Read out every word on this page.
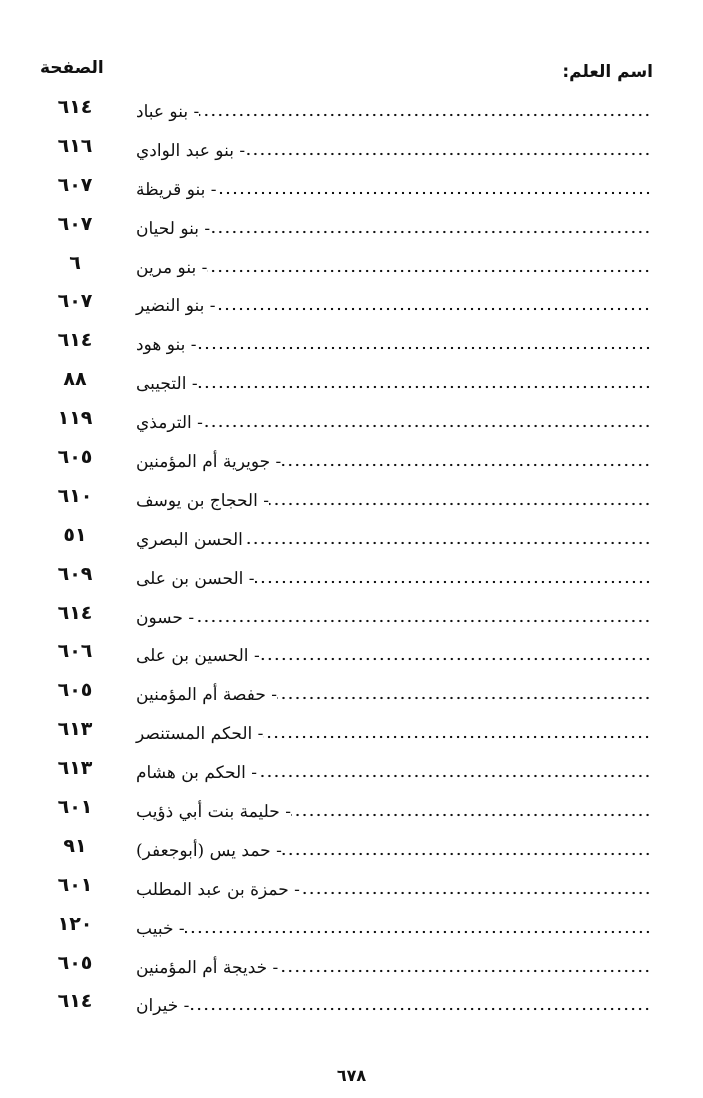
اسم العلم:
الصفحة
٦١٤	- بنو عباد
٦١٦	- بنو عبد الوادي
٦٠٧	- بنو قريظة
٦٠٧	- بنو لحيان
٦	- بنو مرين
٦٠٧	- بنو النضير
٦١٤	- بنو هود
٨٨	- التجيبى
١١٩	- الترمذي
٦٠٥	- جويرية أم المؤمنين
٦١٠	- الحجاج بن يوسف
٥١	الحسن البصري
٦٠٩	- الحسن بن على
٦١٤	- حسون
٦٠٦	- الحسين بن على
٦٠٥	- حفصة أم المؤمنين
٦١٣	- الحكم المستنصر
٦١٣	- الحكم بن هشام
٦٠١	- حليمة بنت أبي ذؤيب
٩١	- حمد يس (أبوجعفر)
٦٠١	- حمزة بن عبد المطلب
١٢٠	- خبيب
٦٠٥	- خديجة أم المؤمنين
٦١٤	- خيران
٦٧٨
